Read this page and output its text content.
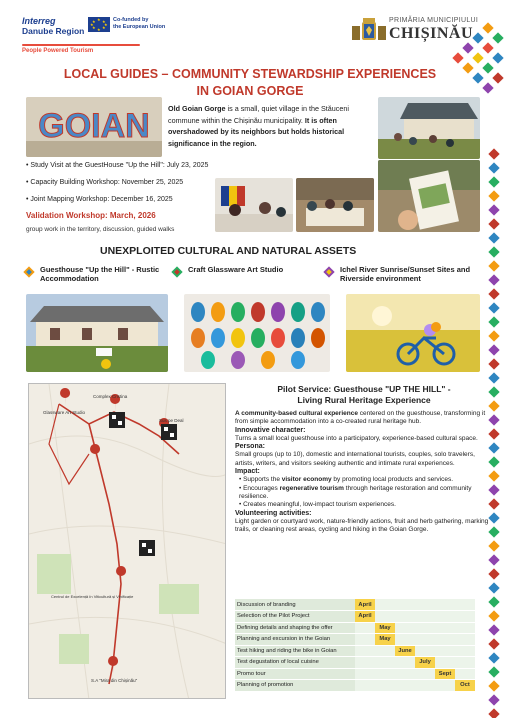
Interreg
Danube Region
★ ★
★
★
★
★
★
★	Co-funded by
the European Union
People Powered Tourism
PRIMĂRIA MUNICIPIULUI
CHIȘINĂU
LOCAL GUIDES – COMMUNITY STEWARDSHIP EXPERIENCES
IN GOIAN GORGE
GOIAN	Old Goian Gorge is a small, quiet village in the Stăuceni commune within the Chișinău municipality. It is often overshadowed by its neighbors but holds historical significance in the region.
• Study Visit at the GuestHouse "Up the Hill": July 23, 2025
• Capacity Building Workshop: November 25, 2025
• Joint Mapping Workshop: December 16, 2025
Validation Workshop: March, 2026
group work in the territory, discussion, guided walks
UNEXPLOITED CULTURAL AND NATURAL ASSETS
Guesthouse "Up the Hill" - Rustic Accommodation
Craft Glassware Art Studio	Ichel River Sunrise/Sunset Sites and Riverside environment
Glassware Art Studio
Complex Cristina
Sus pe Deal
Centrul de Excelență în Viticultură și Vinificație
S.A "Mira din Chișinău"
Pilot Service: Guesthouse "UP THE HILL" -
Living Rural Heritage Experience
A community-based cultural experience centered on the guesthouse, transforming it from simple accommodation into a co-created rural heritage hub.
Innovative character:
Turns a small local guesthouse into a participatory, experience-based cultural space.
Persona:
Small groups (up to 10), domestic and international tourists, couples, solo travelers, artists, writers, and visitors seeking authentic and intimate rural experiences.
Impact:
• Supports the visitor economy by promoting local products and services.
• Encourages regenerative tourism through heritage restoration and community resilience.
• Creates meaningful, low-impact tourism experiences.
Volunteering activities:
Light garden or courtyard work, nature-friendly actions, fruit and herb gathering, marking trails, or cleaning rest areas, cycling and hiking in the Goian Gorge.
Discussion of branding	April					
Selection of the Pilot Project	April					
Defining details and shaping the offer		May				
Planning and excursion in the Goian		May				
Test hiking and riding the bike in Goian			June			
Test degustation of local cuisine				July		
Promo tour					Sept	
Planning of promotion						Oct
